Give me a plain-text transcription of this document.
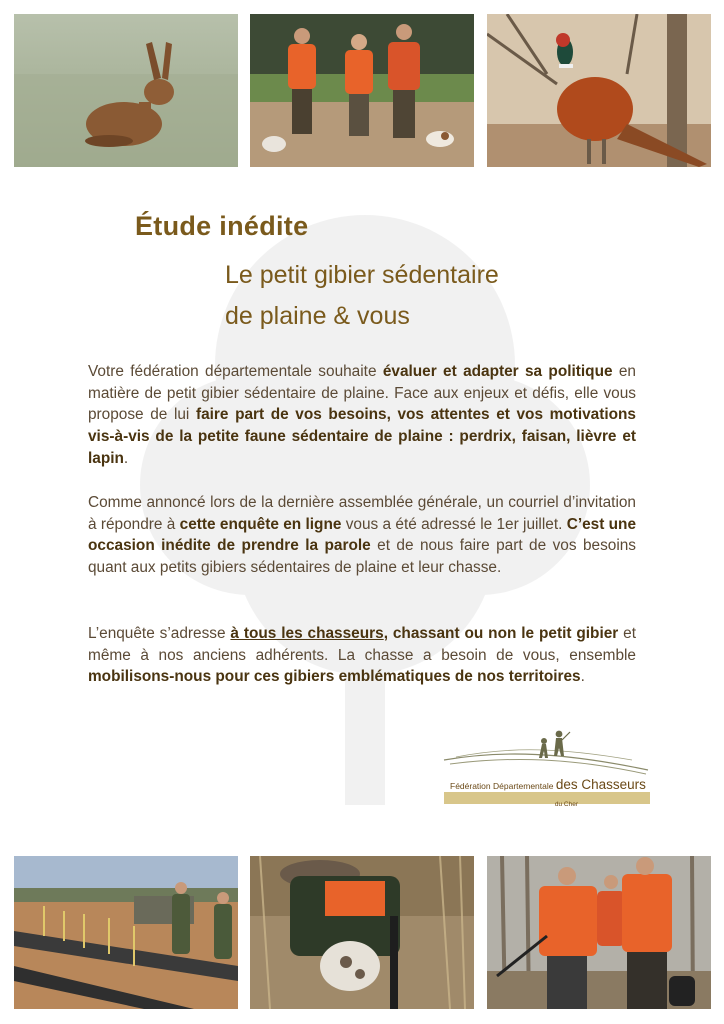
Étude inédite
Le petit gibier sédentaire
de plaine & vous

Votre fédération départementale souhaite évaluer et adapter sa politique en matière de petit gibier sédentaire de plaine. Face aux enjeux et défis, elle vous propose de lui faire part de vos besoins, vos attentes et vos motivations vis-à-vis de la petite faune sédentaire de plaine : perdrix, faisan, lièvre et lapin.

Comme annoncé lors de la dernière assemblée générale, un courriel d’invitation à répondre à cette enquête en ligne vous a été adressé le 1er juillet. C’est une occasion inédite de prendre la parole et de nous faire part de vos besoins quant aux petits gibiers sédentaires de plaine et leur chasse.

L’enquête s’adresse à tous les chasseurs, chassant ou non le petit gibier et même à nos anciens adhérents. La chasse a besoin de vous, ensemble mobilisons-nous pour ces gibiers emblématiques de nos territoires.

Fédération Départementale des Chasseurs
du Cher
